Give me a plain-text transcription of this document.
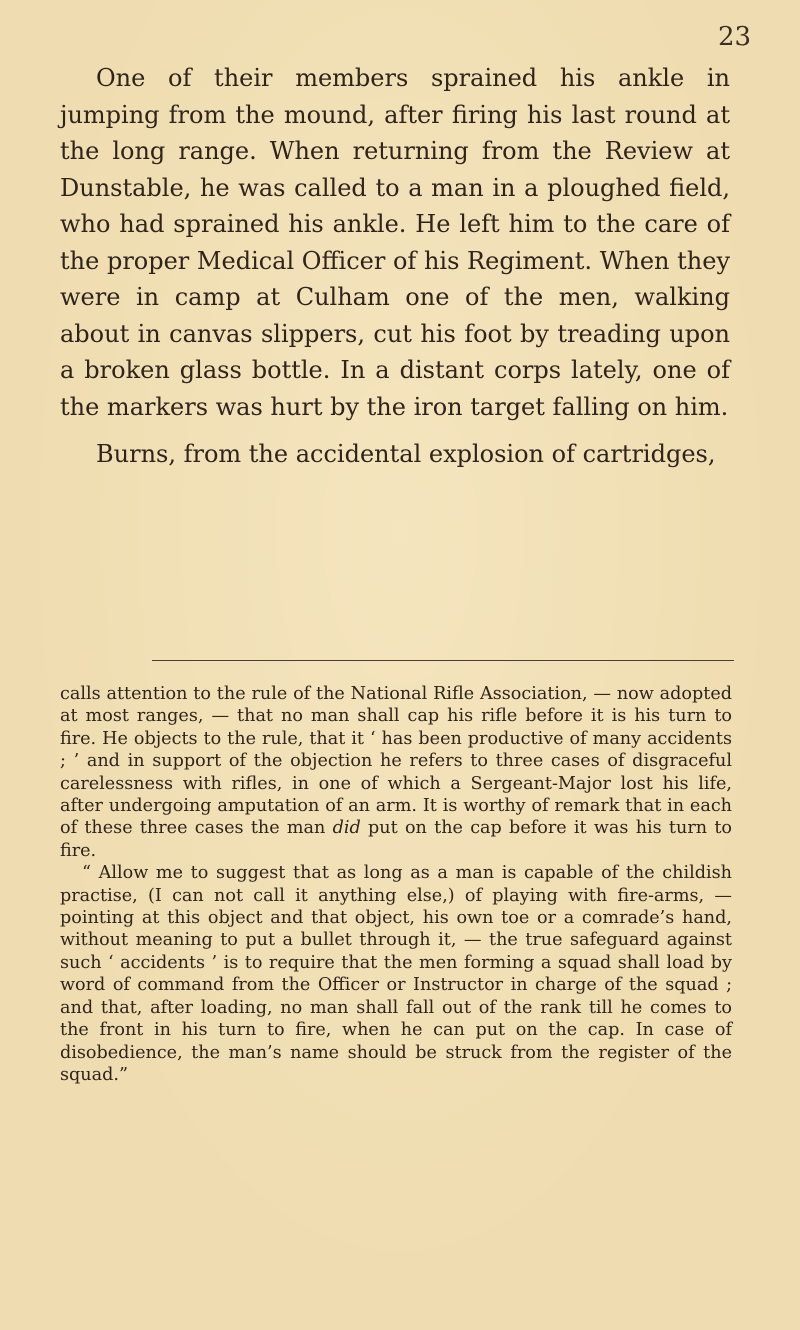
23

One of their members sprained his ankle in jumping from the mound, after firing his last round at the long range. When returning from the Review at Dunstable, he was called to a man in a ploughed field, who had sprained his ankle. He left him to the care of the proper Medical Officer of his Regiment. When they were in camp at Culham one of the men, walking about in canvas slippers, cut his foot by treading upon a broken glass bottle. In a distant corps lately, one of the markers was hurt by the iron target falling on him.

Burns, from the accidental explosion of cartridges,

calls attention to the rule of the National Rifle Association, — now adopted at most ranges, — that no man shall cap his rifle before it is his turn to fire. He objects to the rule, that it ‘ has been productive of many accidents ; ’ and in support of the objection he refers to three cases of disgraceful carelessness with rifles, in one of which a Sergeant-Major lost his life, after undergoing amputation of an arm. It is worthy of remark that in each of these three cases the man did put on the cap before it was his turn to fire.

“ Allow me to suggest that as long as a man is capable of the childish practise, (I can not call it anything else,) of playing with fire-arms, — pointing at this object and that object, his own toe or a comrade’s hand, without meaning to put a bullet through it, — the true safeguard against such ‘ accidents ’ is to require that the men forming a squad shall load by word of command from the Officer or Instructor in charge of the squad ; and that, after loading, no man shall fall out of the rank till he comes to the front in his turn to fire, when he can put on the cap. In case of disobedience, the man’s name should be struck from the register of the squad.”
